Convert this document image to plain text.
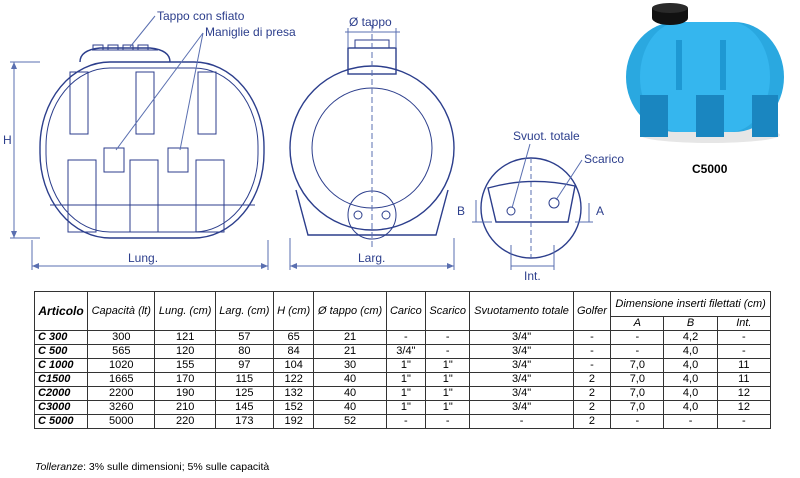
H
Lung.
Tappo con sfiato
Maniglie di presa
Ø tappo
Larg.
Svuot. totale
Scarico
B	A
Int.
C5000
Articolo	Capacità (lt)	Lung. (cm)	Larg. (cm)	H (cm)	Ø tappo (cm)	Carico	Scarico	Svuotamento totale	Golfer	Dimensione inserti filettati (cm)		
										A	B	Int.
C 300	300	121	57	65	21	-	-	3/4"	-	-	4,2	-
C 500	565	120	80	84	21	3/4"	-	3/4"	-	-	4,0	-
C 1000	1020	155	97	104	30	1"	1"	3/4"	-	7,0	4,0	11
C1500	1665	170	115	122	40	1"	1"	3/4"	2	7,0	4,0	11
C2000	2200	190	125	132	40	1"	1"	3/4"	2	7,0	4,0	12
C3000	3260	210	145	152	40	1"	1"	3/4"	2	7,0	4,0	12
C 5000	5000	220	173	192	52	-	-	-	2	-	-	-
Tolleranze: 3% sulle dimensioni; 5% sulle capacità
